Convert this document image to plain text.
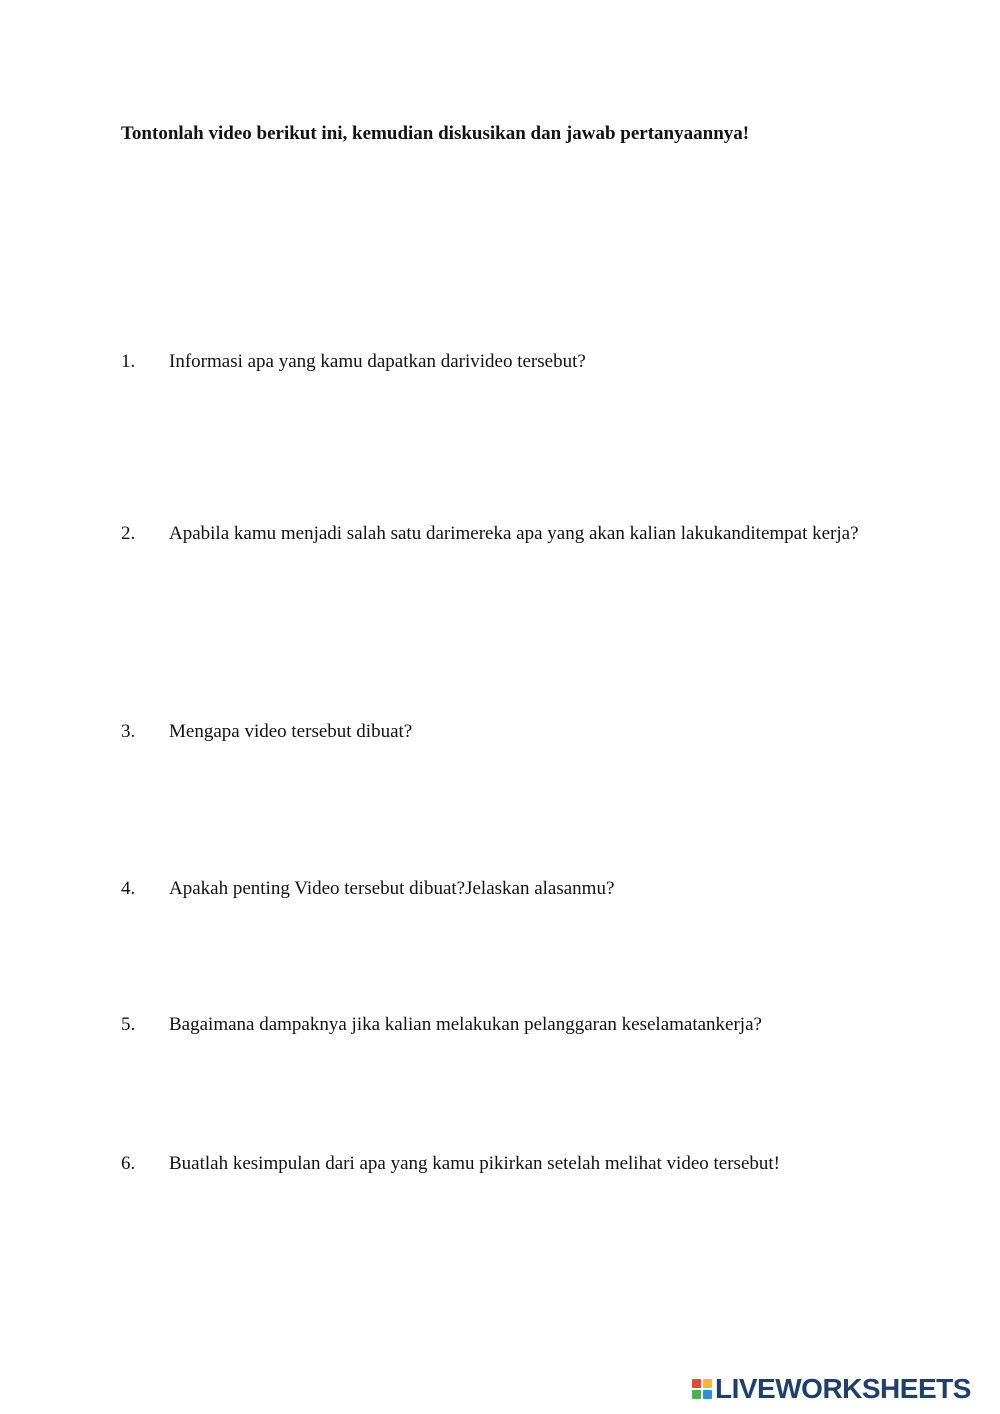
Tontonlah video berikut ini, kemudian diskusikan dan jawab pertanyaannya!

1. Informasi apa yang kamu dapatkan darivideo tersebut?
2. Apabila kamu menjadi salah satu darimereka apa yang akan kalian lakukanditempat kerja?
3. Mengapa video tersebut dibuat?
4. Apakah penting Video tersebut dibuat?Jelaskan alasanmu?
5. Bagaimana dampaknya jika kalian melakukan pelanggaran keselamatankerja?
6. Buatlah kesimpulan dari apa yang kamu pikirkan setelah melihat video tersebut!
LIVEWORKSHEETS
